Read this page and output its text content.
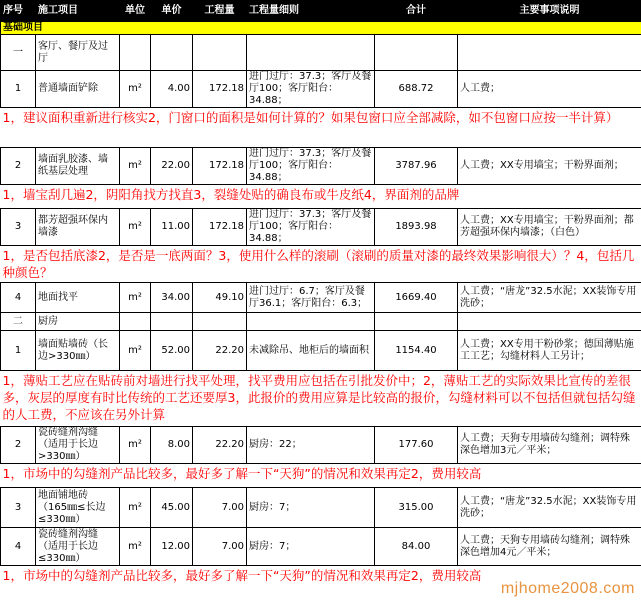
序号	施工项目	单位	单价	工程量	工程量细则	合计	主要事项说明
基础项目							
一	客厅、餐厅及过厅						
1	普通墙面铲除	m²	4.00	172.18	进门过厅：37.3；客厅及餐厅100；客厅阳台：34.88；	688.72	人工费；
1，建议面积重新进行核实2，门窗口的面积是如何计算的？如果包窗口应全部减除，如不包窗口应按一半计算）							
2	墙面乳胶漆、墙纸基层处理	m²	22.00	172.18	进门过厅：37.3；客厅及餐厅100；客厅阳台：34.88；	3787.96	人工费；XX专用墙宝；干粉界面剂；
1，墙宝刮几遍2，阴阳角找方找直3，裂缝处贴的确良布或牛皮纸4，界面剂的品牌							
3	都芳超强环保内墙漆	m²	11.00	172.18	进门过厅：37.3；客厅及餐厅100；客厅阳台：34.88；	1893.98	人工费；XX专用墙宝；干粉界面剂；都芳超强环保内墙漆；（白色）
1，是否包括底漆2，是否是一底两面？3，使用什么样的滚刷（滚刷的质量对漆的最终效果影响很大）？4，包括几种颜色？							
4	地面找平	m²	34.00	49.10	进门过厅：6.7；客厅及餐厅36.1；客厅阳台：6.3；	1669.40	人工费；“唐龙”32.5水泥；XX装饰专用洗砂；
二	厨房						
1	墙面贴墙砖（长边>330㎜）	m²	52.00	22.20	未减除吊、地柜后的墙面积	1154.40	人工费；XX专用干粉砂浆；德国薄贴施工工艺；勾缝材料人工另计；
1，薄贴工艺应在贴砖前对墙进行找平处理，找平费用应包括在引批发价中；2，薄贴工艺的实际效果比宣传的差很多，灰层的厚度有时比传统的工艺还要厚3，此报价的费用应算是比较高的报价，勾缝材料可以不包括但就包括勾缝的人工费，不应该在另外计算							
2	瓷砖缝剂沟缝（适用于长边>330㎜）	m²	8.00	22.20	厨房：22；	177.60	人工费；天狗专用墙砖勾缝剂；调特殊深色增加3元／平米；
1，市场中的勾缝剂产品比较多，最好多了解一下“天狗”的情况和效果再定2，费用较高							
3	地面铺地砖（165㎜≤长边≤330㎜）	m²	45.00	7.00	厨房：7；	315.00	人工费；“唐龙”32.5水泥；XX装饰专用洗砂；
4	瓷砖缝剂沟缝（适用于长边≤330㎜）	m²	12.00	7.00	厨房：7；	84.00	人工费；天狗专用墙砖勾缝剂；调特殊深色增加4元／平米；
1，市场中的勾缝剂产品比较多，最好多了解一下“天狗”的情况和效果再定2，费用较高							
mjhome2008.com
